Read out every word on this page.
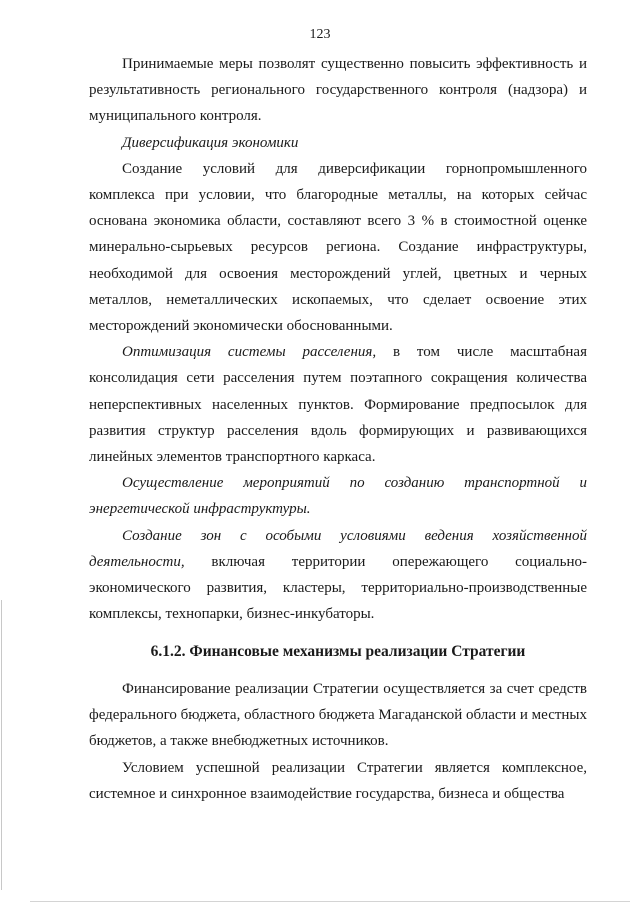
123

Принимаемые меры позволят существенно повысить эффективность и результативность регионального государственного контроля (надзора) и муниципального контроля.

Диверсификация экономики

Создание условий для диверсификации горнопромышленного комплекса при условии, что благородные металлы, на которых сейчас основана экономика области, составляют всего 3 % в стоимостной оценке минерально-сырьевых ресурсов региона. Создание инфраструктуры, необходимой для освоения месторождений углей, цветных и черных металлов, неметаллических ископаемых, что сделает освоение этих месторождений экономически обоснованными.

Оптимизация системы расселения, в том числе масштабная консолидация сети расселения путем поэтапного сокращения количества неперспективных населенных пунктов. Формирование предпосылок для развития структур расселения вдоль формирующих и развивающихся линейных элементов транспортного каркаса.

Осуществление мероприятий по созданию транспортной и энергетической инфраструктуры.

Создание зон с особыми условиями ведения хозяйственной деятельности, включая территории опережающего социально-экономического развития, кластеры, территориально-производственные комплексы, технопарки, бизнес-инкубаторы.

6.1.2. Финансовые механизмы реализации Стратегии

Финансирование реализации Стратегии осуществляется за счет средств федерального бюджета, областного бюджета Магаданской области и местных бюджетов, а также внебюджетных источников.

Условием успешной реализации Стратегии является комплексное, системное и синхронное взаимодействие государства, бизнеса и общества
